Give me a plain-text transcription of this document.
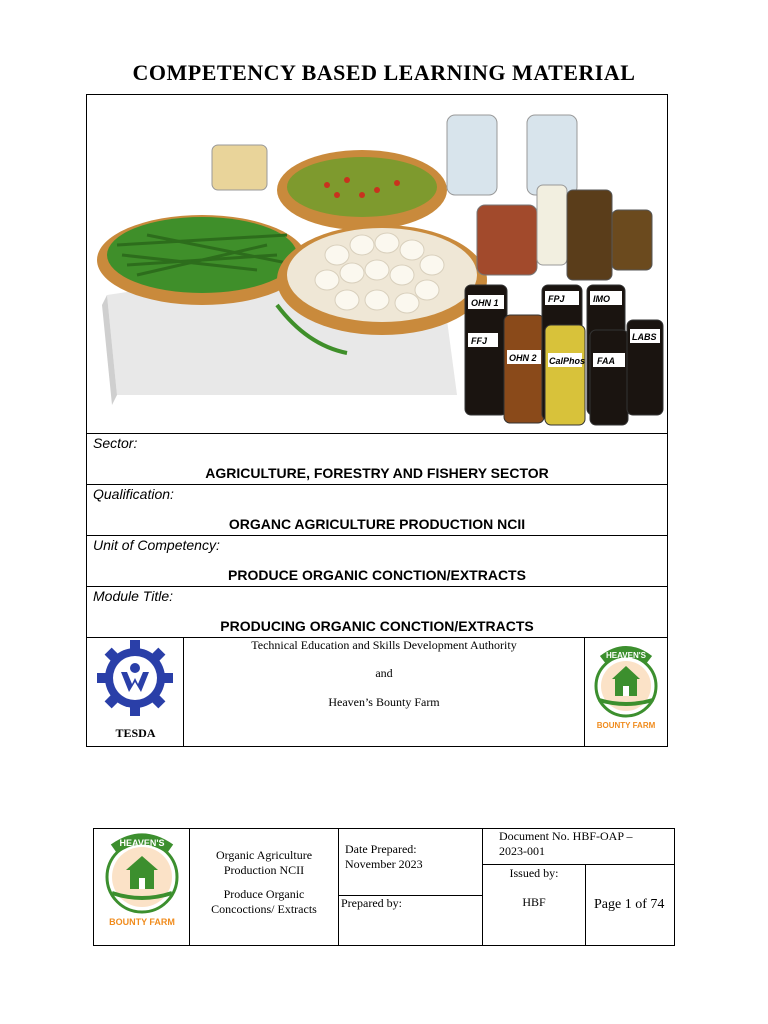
COMPETENCY BASED LEARNING MATERIAL
OHN 1	FPJ	IMO
FFJ
OHN 2 CalPhos FAA
LABS
Sector:
AGRICULTURE, FORESTRY AND FISHERY SECTOR
Qualification:
ORGANC AGRICULTURE PRODUCTION NCII
Unit of Competency:
PRODUCE ORGANIC CONCTION/EXTRACTS
Module Title:
PRODUCING ORGANIC CONCTION/EXTRACTS
TESDA
Technical Education and Skills Development Authority
and
Heaven’s Bounty Farm
HEAVEN'S
BOUNTY FARM
HEAVEN'S
BOUNTY FARM
Organic Agriculture
Production NCII
Produce Organic
Concoctions/ Extracts
Date Prepared:
November 2023
Prepared by:
Document No. HBF-OAP –
2023-001
Issued by:
HBF	Page 1 of 74
